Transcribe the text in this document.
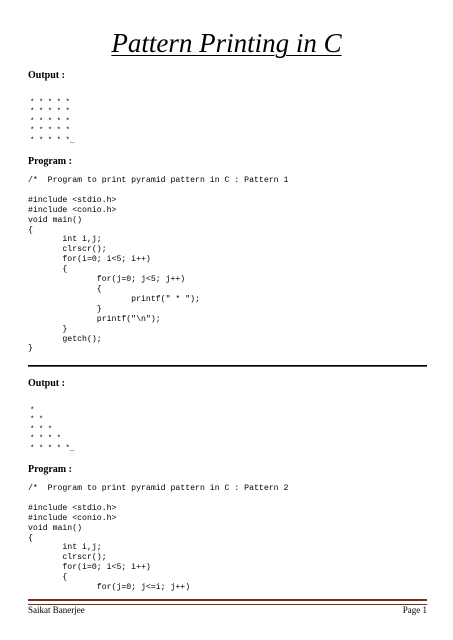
Pattern Printing in C
Output :
* * * * *
* * * * *
* * * * *
* * * * *
* * * * *_
Program :
/*  Program to print pyramid pattern in C : Pattern 1

#include <stdio.h>
#include <conio.h>
void main()
{
int i,j;
clrscr();
for(i=0; i<5; i++)
{
for(j=0; j<5; j++)
{
printf(" * ");
}
printf("\n");
}
getch();
}
Output :
*
* *
* * *
* * * *
* * * * *_
Program :
/*  Program to print pyramid pattern in C : Pattern 2

#include <stdio.h>
#include <conio.h>
void main()
{
int i,j;
clrscr();
for(i=0; i<5; i++)
{
for(j=0; j<=i; j++)
Saikat Banerjee	Page 1
